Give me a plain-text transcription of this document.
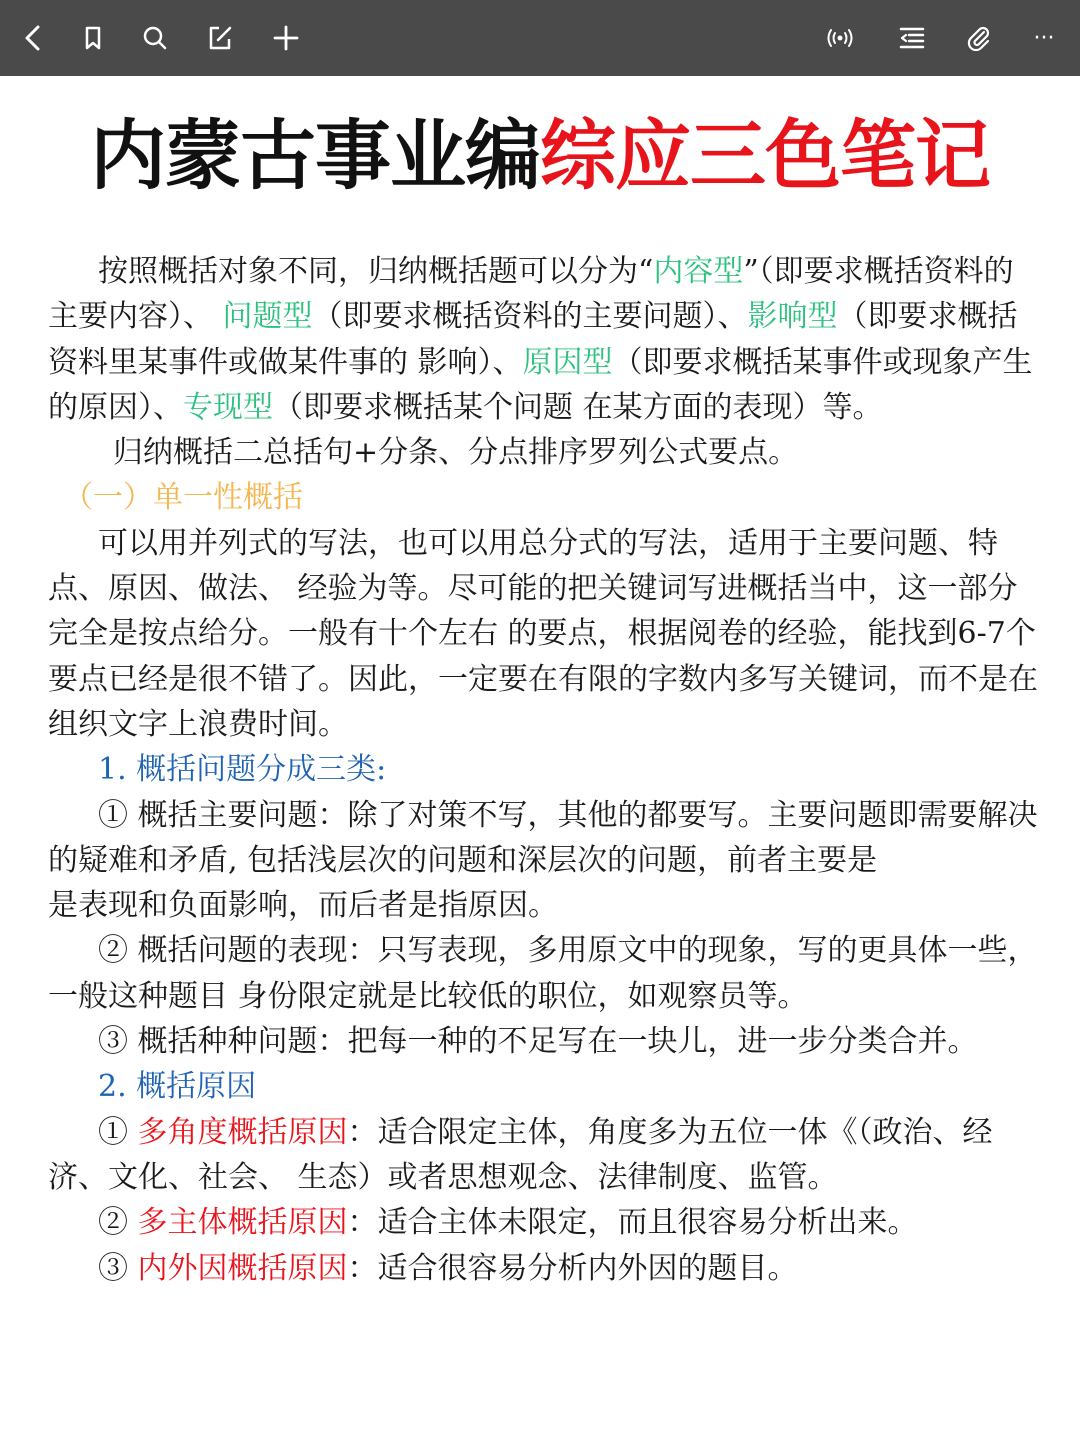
···
内蒙古事业编综应三色笔记

按照概括对象不同，归纳概括题可以分为“内容型”（即要求概括资料的主要内容）、 问题型（即要求概括资料的主要问题）、影响型（即要求概括资料里某事件或做某件事的 影响）、原因型（即要求概括某事件或现象产生的原因）、专现型（即要求概括某个问题 在某方面的表现）等。

归纳概括二总括句+分条、分点排序罗列公式要点。

（一）单一性概括

可以用并列式的写法，也可以用总分式的写法，适用于主要问题、特点、原因、做法、 经验为等。尽可能的把关键词写进概括当中，这一部分完全是按点给分。一般有十个左右 的要点，根据阅卷的经验，能找到6-7个要点已经是很不错了。因此，一定要在有限的字数内多写关键词，而不是在组织文字上浪费时间。

1. 概括问题分成三类:

① 概括主要问题：除了对策不写，其他的都要写。主要问题即需要解决的疑难和矛盾, 包括浅层次的问题和深层次的问题，前者主要是

是表现和负面影响，而后者是指原因。

② 概括问题的表现：只写表现，多用原文中的现象，写的更具体一些，一般这种题目 身份限定就是比较低的职位，如观察员等。

③ 概括种种问题：把每一种的不足写在一块儿，进一步分类合并。

2. 概括原因

① 多角度概括原因：适合限定主体，角度多为五位一体《（政治、经济、文化、社会、 生态）或者思想观念、法律制度、监管。

② 多主体概括原因：适合主体未限定，而且很容易分析出来。

③ 内外因概括原因：适合很容易分析内外因的题目。
